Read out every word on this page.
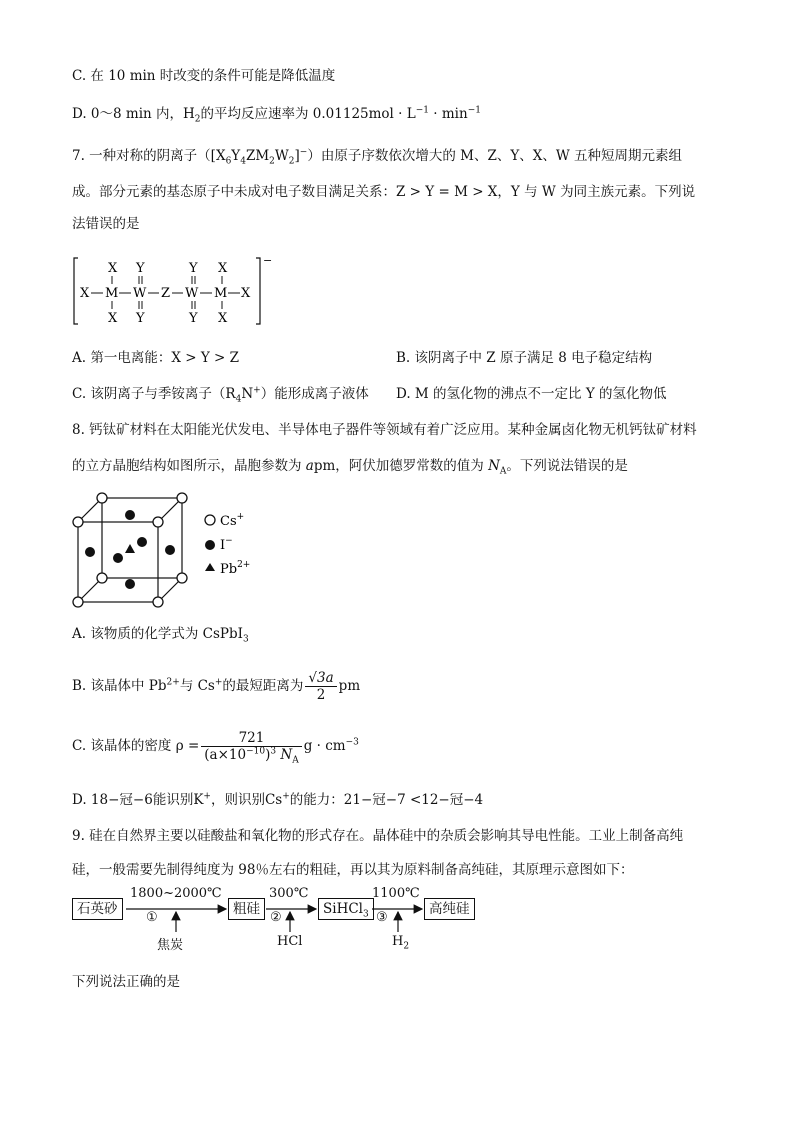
C. 在 10 min 时改变的条件可能是降低温度
D. 0～8 min 内，$H_2$的平均反应速率为 $0.01125mol \cdot L^{-1} \cdot \min^{-1}$
7. 一种对称的阴离子$([X_6Y_4ZM_2W_2]^-)$由原子序数依次增大的 M、Z、Y、X、W 五种短周期元素组
成。部分元素的基态原子中未成对电子数目满足关系：Z > Y = M > X，Y 与 W 为同主族元素。下列说
法错误的是
−
X Y	Y X
X M W Z W M X
X Y	Y X
A. 第一电离能：X > Y > Z	B. 该阴离子中 Z 原子满足 8 电子稳定结构
C. 该阴离子与季铵离子$(R_4N^+)$能形成离子液体 D. M 的氢化物的沸点不一定比 Y 的氢化物低
8. 钙钛矿材料在太阳能光伏发电、半导体电子器件等领域有着广泛应用。某种金属卤化物无机钙钛矿材料
的立方晶胞结构如图所示，晶胞参数为 apm，阿伏加德罗常数的值为 $N_A$。下列说法错误的是
Cs+
I−
$Pb^{2+}$
A. 该物质的化学式为 CsPbI$_3$
B. 该晶体中 $Pb^{2+}$与 Cs+的最短距离为 $\frac{√3a}{2}$ pm
C. 该晶体的密度 $\rho = \frac{721}{(a\times 10^{-10})^3 N_A}$ $g \cdot cm^{-3}$
D. 18−冠−6能识别K+，则识别Cs+的能力：21−冠−7 <12−冠−4
9. 硅在自然界主要以硅酸盐和氧化物的形式存在。晶体硅中的杂质会影响其导电性能。工业上制备高纯
硅，一般需要先制得纯度为 98％左右的粗硅，再以其为原料制备高纯硅，其原理示意图如下：
石英砂
1800~2000℃
①
焦炭
粗硅
300℃
②
HCl
SiHCl$_3$
1100℃
③
$H_2$
高纯硅
下列说法正确的是
